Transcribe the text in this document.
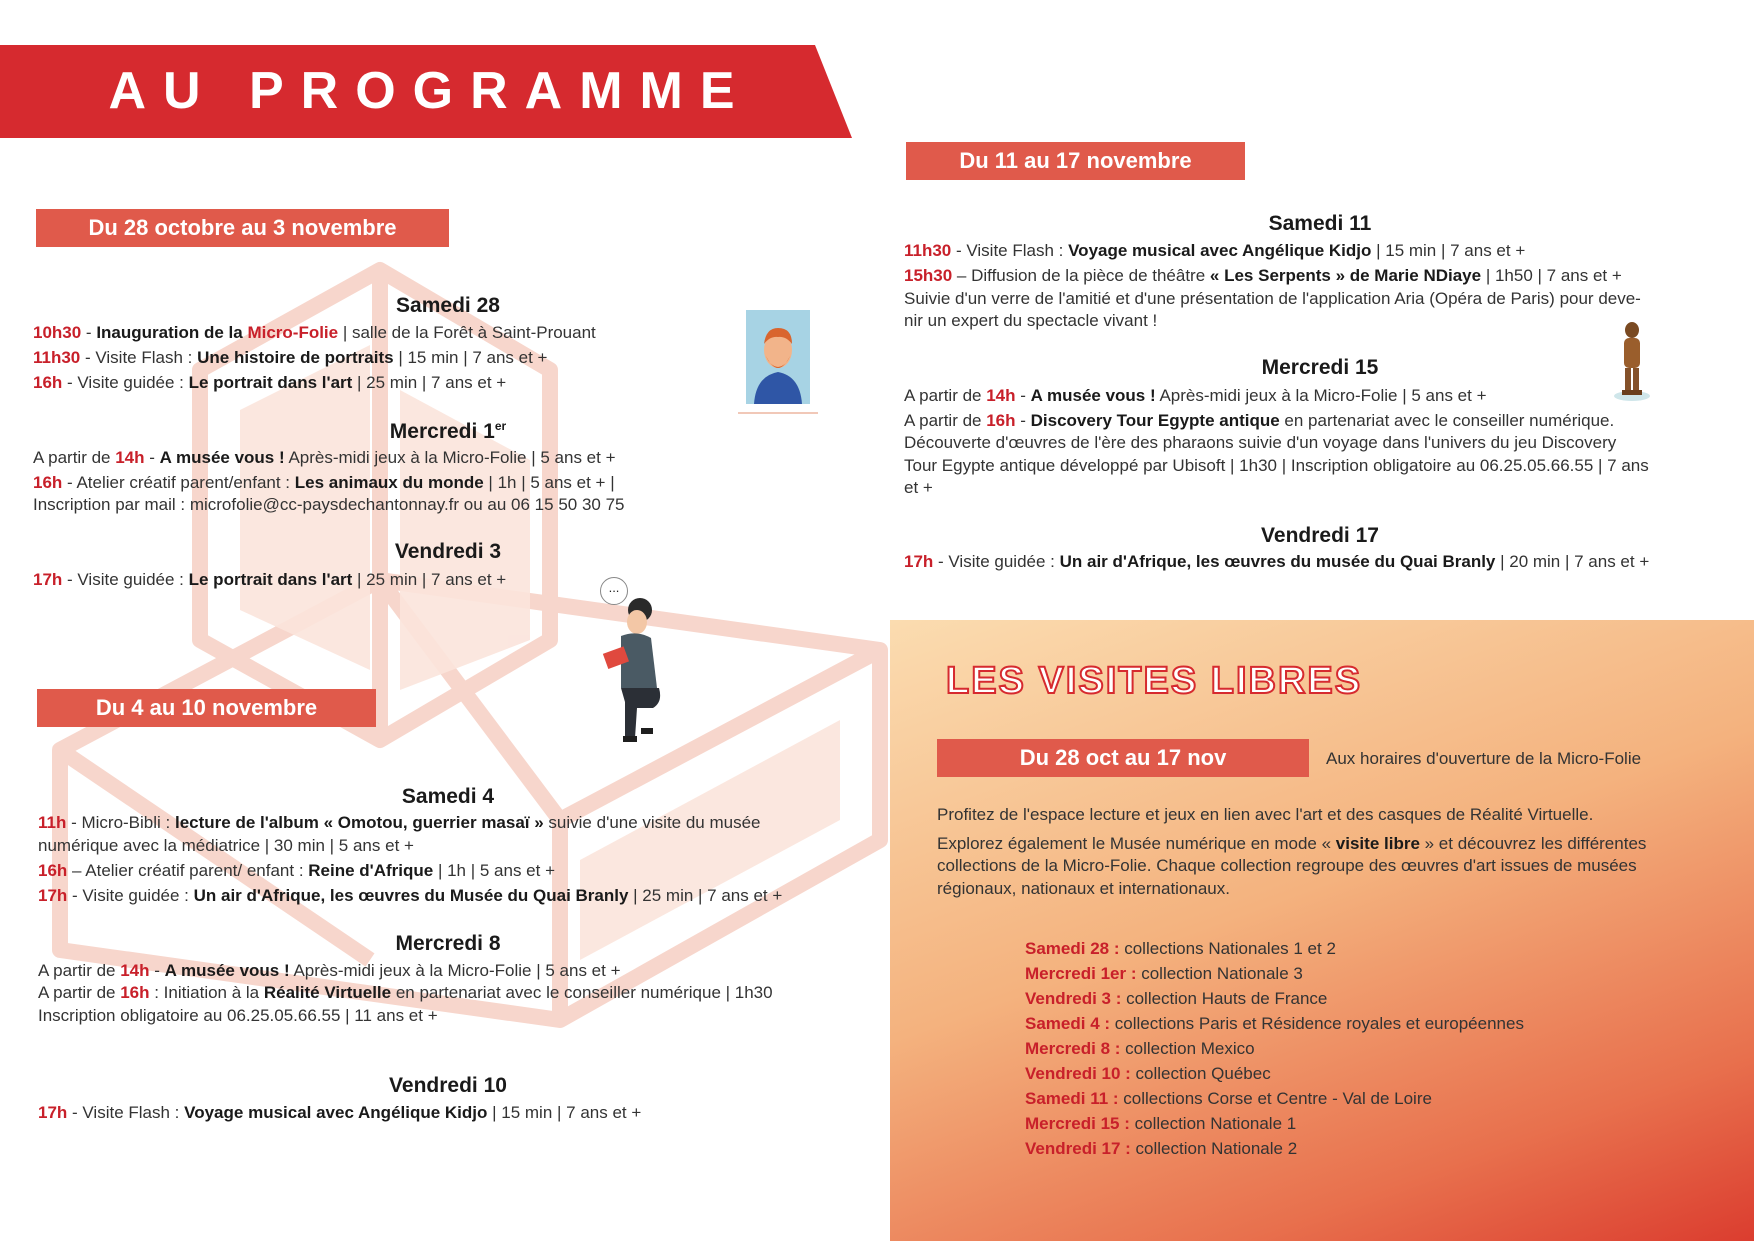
AU PROGRAMME
Du 28 octobre au 3 novembre
Samedi 28
10h30 - Inauguration de la Micro-Folie | salle de la Forêt à Saint-Prouant
11h30 - Visite Flash : Une histoire de portraits | 15 min | 7 ans et +
16h - Visite guidée : Le portrait dans l'art | 25 min | 7 ans et +
Mercredi 1er
A partir de 14h - A musée vous ! Après-midi jeux à la Micro-Folie | 5 ans et +
16h - Atelier créatif parent/enfant : Les animaux du monde | 1h | 5 ans et + |
Inscription par mail : microfolie@cc-paysdechantonnay.fr ou au 06 15 50 30 75
Vendredi 3
17h - Visite guidée : Le portrait dans l'art | 25 min | 7 ans et +	...
Du 4 au 10 novembre
Samedi 4
11h - Micro-Bibli : lecture de l'album « Omotou, guerrier masaï » suivie d'une visite du musée
numérique avec la médiatrice | 30 min | 5 ans et +
16h – Atelier créatif parent/ enfant : Reine d'Afrique | 1h | 5 ans et +
17h - Visite guidée : Un air d'Afrique, les œuvres du Musée du Quai Branly | 25 min | 7 ans et +
Mercredi 8
A partir de 14h - A musée vous ! Après-midi jeux à la Micro-Folie | 5 ans et +
A partir de 16h : Initiation à la Réalité Virtuelle en partenariat avec le conseiller numérique | 1h30
Inscription obligatoire au 06.25.05.66.55 | 11 ans et +
Vendredi 10
17h - Visite Flash : Voyage musical avec Angélique Kidjo | 15 min | 7 ans et +
Du 11 au 17 novembre
Samedi 11
11h30 - Visite Flash : Voyage musical avec Angélique Kidjo | 15 min | 7 ans et +
15h30 – Diffusion de la pièce de théâtre « Les Serpents » de Marie NDiaye | 1h50 | 7 ans et +
Suivie d'un verre de l'amitié et d'une présentation de l'application Aria (Opéra de Paris) pour deve-
nir un expert du spectacle vivant !
Mercredi 15
A partir de 14h - A musée vous ! Après-midi jeux à la Micro-Folie | 5 ans et +
A partir de 16h - Discovery Tour Egypte antique en partenariat avec le conseiller numérique.
Découverte d'œuvres de l'ère des pharaons suivie d'un voyage dans l'univers du jeu Discovery
Tour Egypte antique développé par Ubisoft | 1h30 | Inscription obligatoire au 06.25.05.66.55 | 7 ans
et +
Vendredi 17
17h - Visite guidée : Un air d'Afrique, les œuvres du musée du Quai Branly | 20 min | 7 ans et +
LES VISITES LIBRES
Du 28 oct au 17 nov	Aux horaires d'ouverture de la Micro-Folie
Profitez de l'espace lecture et jeux en lien avec l'art et des casques de Réalité Virtuelle.
Explorez également le Musée numérique en mode « visite libre » et découvrez les différentes
collections de la Micro-Folie. Chaque collection regroupe des œuvres d'art issues de musées
régionaux, nationaux et internationaux.
Samedi 28 : collections Nationales 1 et 2
Mercredi 1er : collection Nationale 3
Vendredi 3 : collection Hauts de France
Samedi 4 : collections Paris et Résidence royales et européennes
Mercredi 8 : collection Mexico
Vendredi 10 : collection Québec
Samedi 11 : collections Corse et Centre - Val de Loire
Mercredi 15 : collection Nationale 1
Vendredi 17 : collection Nationale 2
